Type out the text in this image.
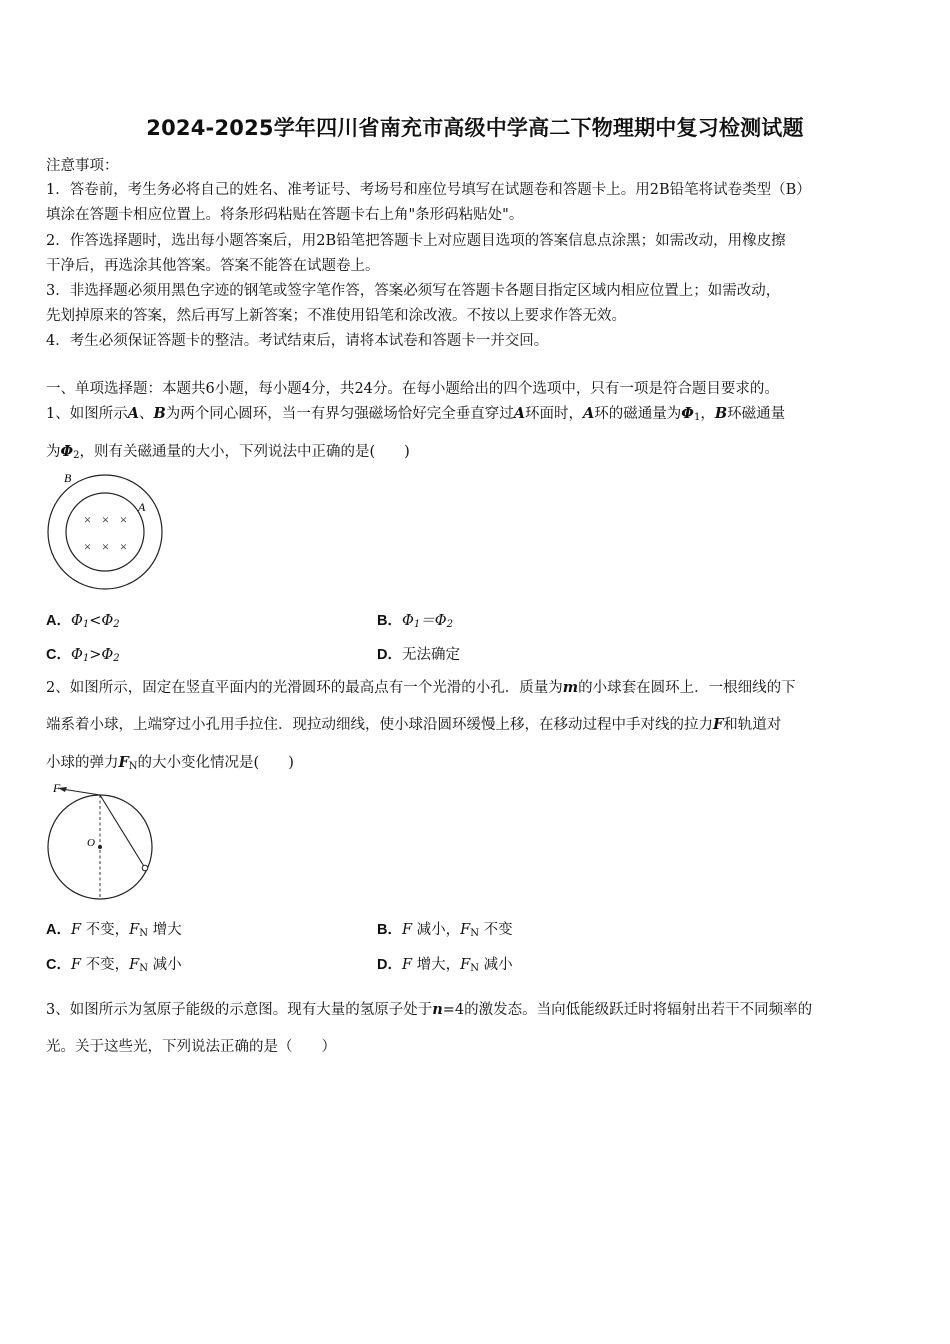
2024-2025学年四川省南充市高级中学高二下物理期中复习检测试题
注意事项：
1．答卷前，考生务必将自己的姓名、准考证号、考场号和座位号填写在试题卷和答题卡上。用2B铅笔将试卷类型（B）
填涂在答题卡相应位置上。将条形码粘贴在答题卡右上角"条形码粘贴处"。
2．作答选择题时，选出每小题答案后，用2B铅笔把答题卡上对应题目选项的答案信息点涂黑；如需改动，用橡皮擦
干净后，再选涂其他答案。答案不能答在试题卷上。
3．非选择题必须用黑色字迹的钢笔或签字笔作答，答案必须写在答题卡各题目指定区域内相应位置上；如需改动，
先划掉原来的答案，然后再写上新答案；不准使用铅笔和涂改液。不按以上要求作答无效。
4．考生必须保证答题卡的整洁。考试结束后，请将本试卷和答题卡一并交回。
一、单项选择题：本题共6小题，每小题4分，共24分。在每小题给出的四个选项中，只有一项是符合题目要求的。
1、如图所示A、B为两个同心圆环，当一有界匀强磁场恰好完全垂直穿过A环面时，A环的磁通量为$\Phi_1$，B环磁通量
为$\Phi_2$，则有关磁通量的大小，下列说法中正确的是(　　)
B
A
× × ×
× × ×
A．$\Phi_1<\Phi_2$	B．$\Phi_1=\Phi_2$
C．$\Phi_1>\Phi_2$	D．无法确定
2、如图所示，固定在竖直平面内的光滑圆环的最高点有一个光滑的小孔．质量为m的小球套在圆环上．一根细线的下
端系着小球，上端穿过小孔用手拉住．现拉动细线，使小球沿圆环缓慢上移，在移动过程中手对线的拉力F和轨道对
小球的弹力$F_N$的大小变化情况是(　　)
F
O
A．F 不变，$F_N$ 增大	B．F 减小，$F_N$ 不变
C．F 不变，$F_N$ 减小	D．F 增大，$F_N$ 减小
3、如图所示为氢原子能级的示意图。现有大量的氢原子处于n=4的激发态。当向低能级跃迁时将辐射出若干不同频率的
光。关于这些光，下列说法正确的是（　　）
